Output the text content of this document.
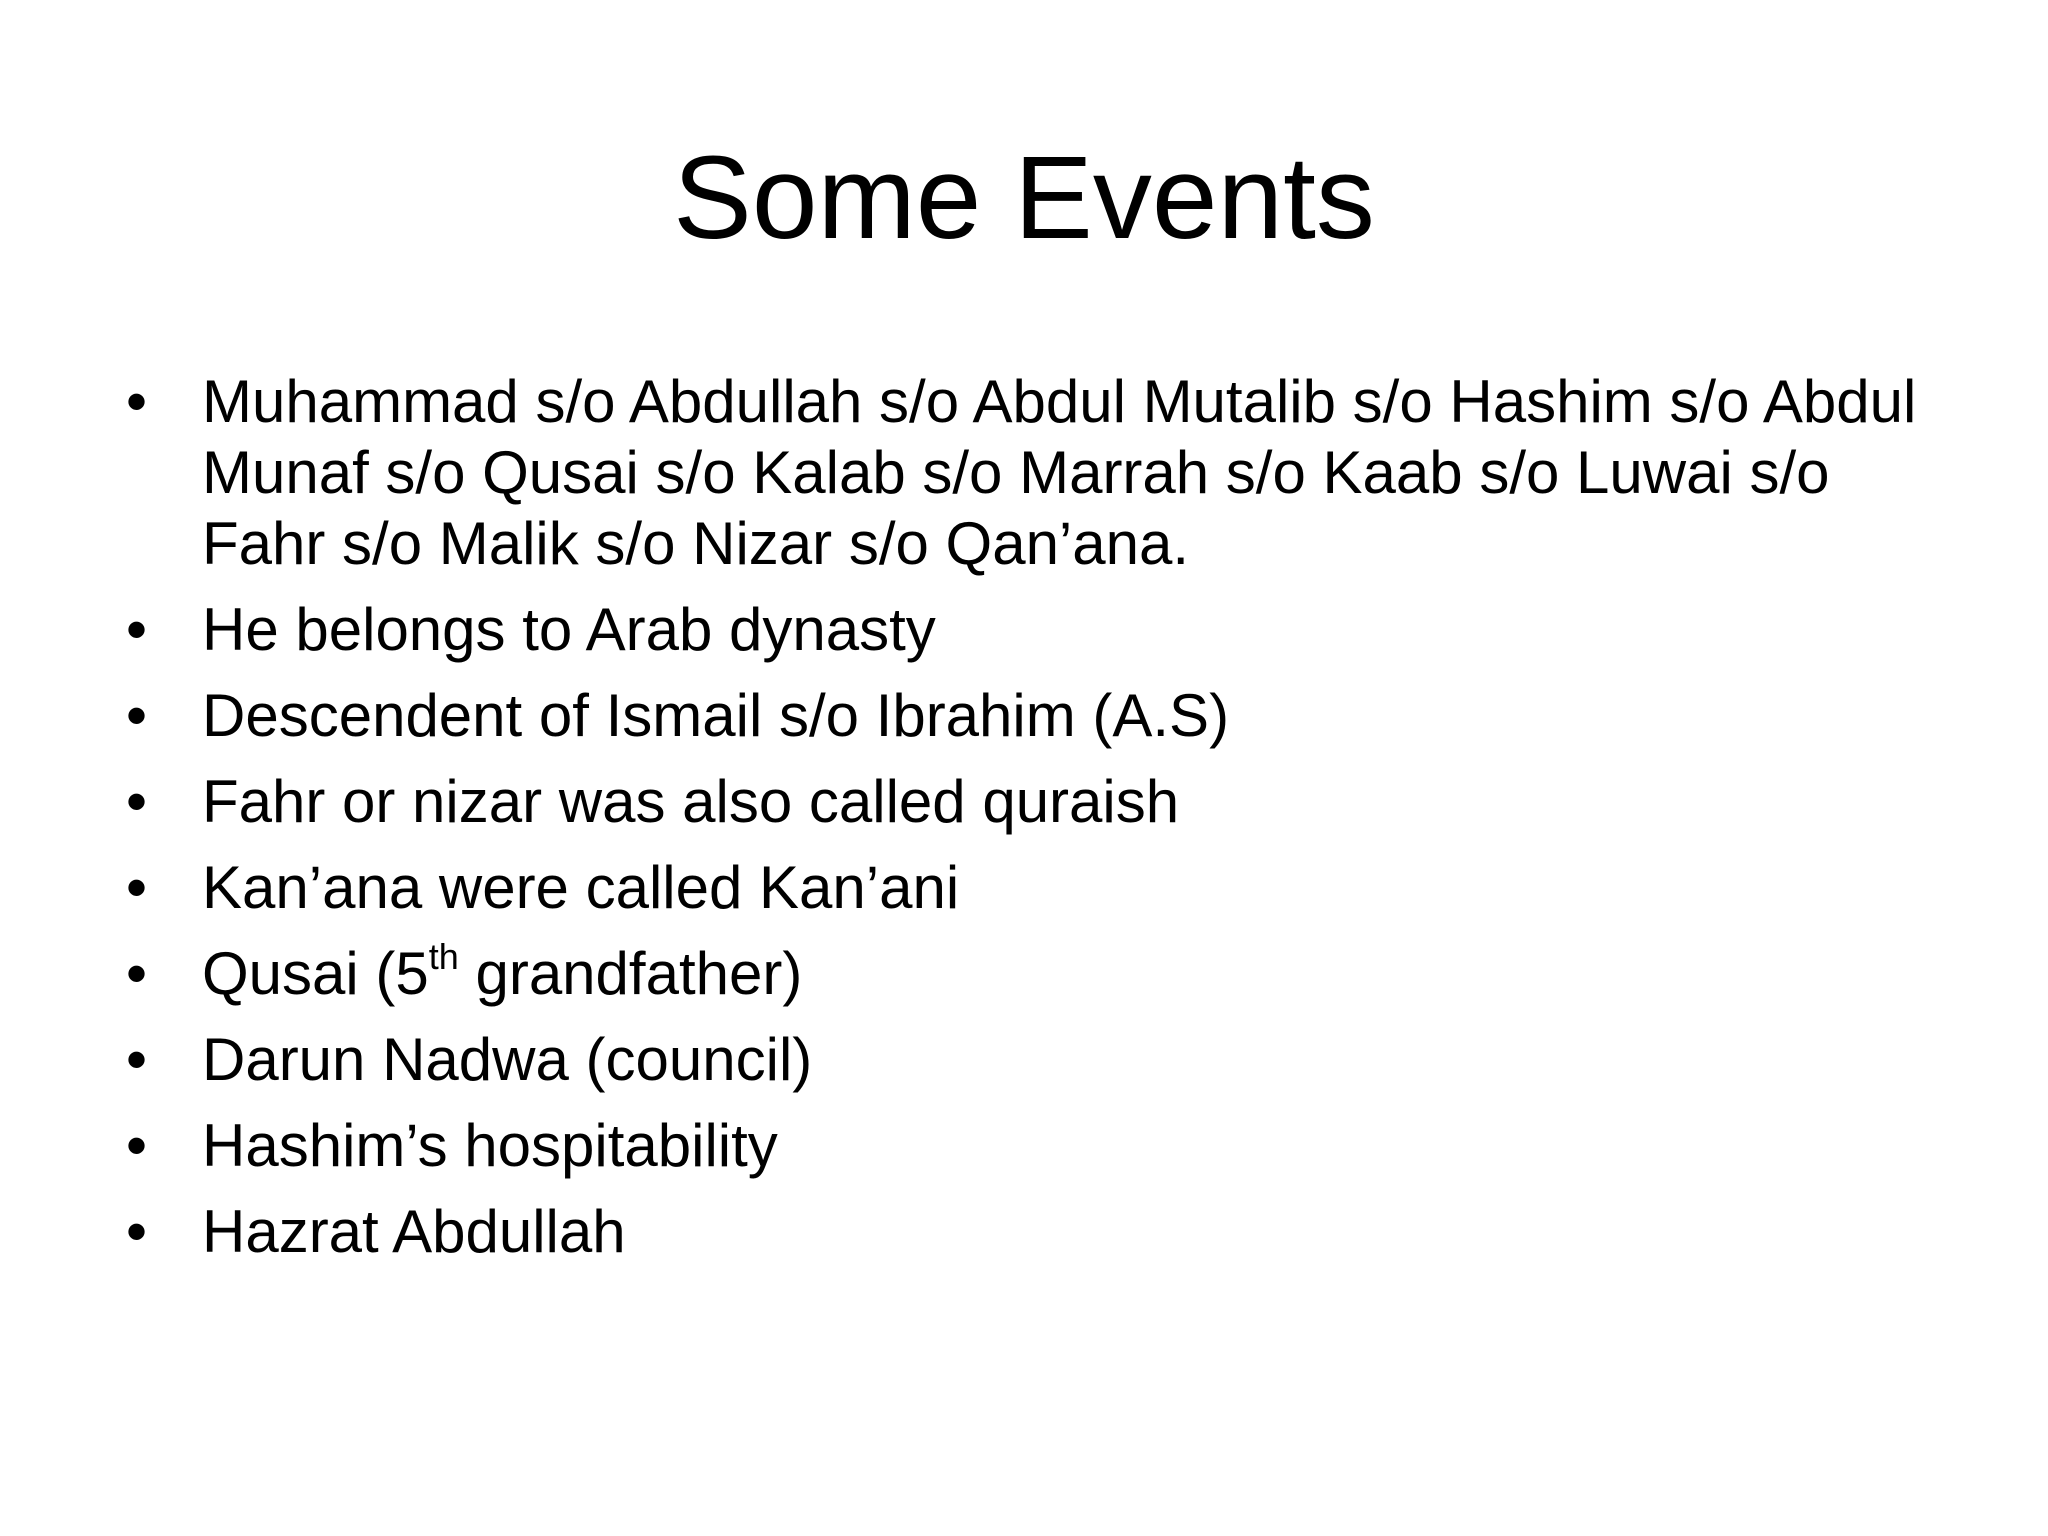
Some Events
• Muhammad s/o Abdullah s/o Abdul Mutalib s/o Hashim s/o Abdul Munaf s/o Qusai s/o Kalab s/o Marrah s/o Kaab s/o Luwai s/o Fahr s/o Malik s/o Nizar s/o Qan’ana.
• He belongs to Arab dynasty
• Descendent of Ismail s/o Ibrahim (A.S)
• Fahr or nizar was also called quraish
• Kan’ana were called Kan’ani
• Qusai (5th grandfather)
• Darun Nadwa (council)
• Hashim’s hospitability
• Hazrat Abdullah
